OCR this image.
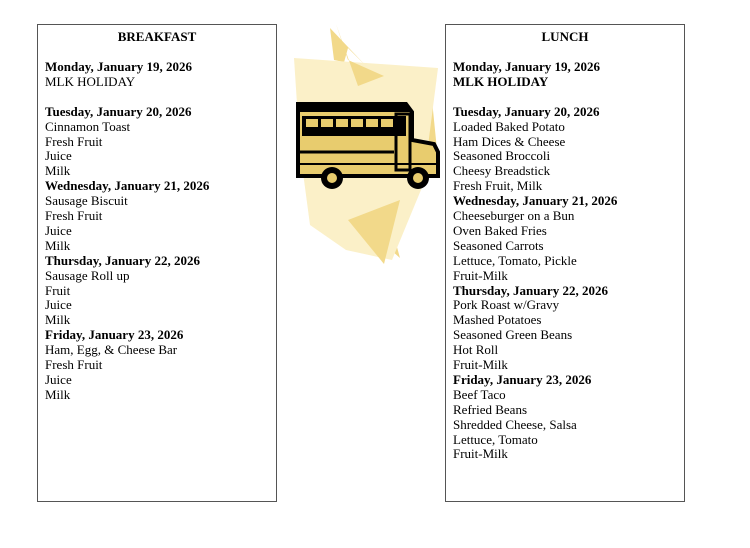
BREAKFAST
Monday, January 19, 2026
MLK HOLIDAY
Tuesday, January 20, 2026
Cinnamon Toast
Fresh Fruit
Juice
Milk
Wednesday, January 21, 2026
Sausage Biscuit
Fresh Fruit
Juice
Milk
Thursday, January 22, 2026
Sausage Roll up
Fruit
Juice
Milk
Friday, January 23, 2026
Ham, Egg, & Cheese Bar
Fresh Fruit
Juice
Milk
LUNCH
Monday, January 19, 2026
MLK HOLIDAY
Tuesday, January 20, 2026
Loaded Baked Potato
Ham Dices & Cheese
Seasoned Broccoli
Cheesy Breadstick
Fresh Fruit, Milk
Wednesday, January 21, 2026
Cheeseburger on a Bun
Oven Baked Fries
Seasoned Carrots
Lettuce, Tomato, Pickle
Fruit-Milk
Thursday, January 22, 2026
Pork Roast w/Gravy
Mashed Potatoes
Seasoned Green Beans
Hot Roll
Fruit-Milk
Friday, January 23, 2026
Beef Taco
Refried Beans
Shredded Cheese, Salsa
Lettuce, Tomato
Fruit-Milk
